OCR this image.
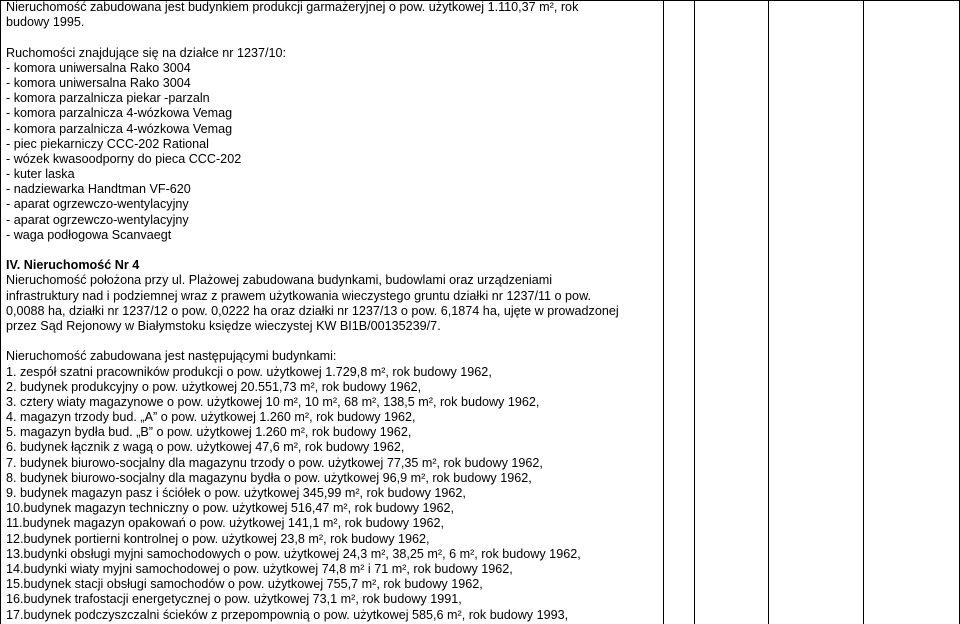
Nieruchomość zabudowana jest budynkiem produkcji garmażeryjnej o pow. użytkowej 1.110,37 m², rok
budowy 1995.
Ruchomości znajdujące się na działce nr 1237/10:
- komora uniwersalna Rako 3004
- komora uniwersalna Rako 3004
- komora parzalnicza piekar -parzaln
- komora parzalnicza 4-wózkowa Vemag
- komora parzalnicza 4-wózkowa Vemag
- piec piekarniczy CCC-202 Rational
- wózek kwasoodporny do pieca CCC-202
- kuter laska
- nadziewarka Handtman VF-620
- aparat ogrzewczo-wentylacyjny
- aparat ogrzewczo-wentylacyjny
- waga podłogowa Scanvaegt
IV. Nieruchomość Nr 4
Nieruchomość położona przy ul. Plażowej zabudowana budynkami, budowlami oraz urządzeniami
infrastruktury nad i podziemnej wraz z prawem użytkowania wieczystego gruntu działki nr 1237/11 o pow.
0,0088 ha, działki nr 1237/12 o pow. 0,0222 ha oraz działki nr 1237/13 o pow. 6,1874 ha, ujęte w prowadzonej
przez Sąd Rejonowy w Białymstoku księdze wieczystej KW BI1B/00135239/7.
Nieruchomość zabudowana jest następującymi budynkami:
1. zespół szatni pracowników produkcji o pow. użytkowej 1.729,8 m², rok budowy 1962,
2. budynek produkcyjny o pow. użytkowej 20.551,73 m², rok budowy 1962,
3. cztery wiaty magazynowe o pow. użytkowej 10 m², 10 m², 68 m², 138,5 m², rok budowy 1962,
4. magazyn trzody bud. „A” o pow. użytkowej 1.260 m², rok budowy 1962,
5. magazyn bydła bud. „B” o pow. użytkowej 1.260 m², rok budowy 1962,
6. budynek łącznik z wagą o pow. użytkowej 47,6 m², rok budowy 1962,
7. budynek biurowo-socjalny dla magazynu trzody o pow. użytkowej 77,35 m², rok budowy 1962,
8. budynek biurowo-socjalny dla magazynu bydła o pow. użytkowej 96,9 m², rok budowy 1962,
9. budynek magazyn pasz i ściółek o pow. użytkowej 345,99 m², rok budowy 1962,
10.budynek magazyn techniczny o pow. użytkowej 516,47 m², rok budowy 1962,
11.budynek magazyn opakowań o pow. użytkowej 141,1 m², rok budowy 1962,
12.budynek portierni kontrolnej o pow. użytkowej 23,8 m², rok budowy 1962,
13.budynki obsługi myjni samochodowych o pow. użytkowej 24,3 m², 38,25 m², 6 m², rok budowy 1962,
14.budynki wiaty myjni samochodowej o pow. użytkowej 74,8 m² i 71 m², rok budowy 1962,
15.budynek stacji obsługi samochodów o pow. użytkowej 755,7 m², rok budowy 1962,
16.budynek trafostacji energetycznej o pow. użytkowej 73,1 m², rok budowy 1991,
17.budynek podczyszczalni ścieków z przepompownią o pow. użytkowej 585,6 m², rok budowy 1993,
